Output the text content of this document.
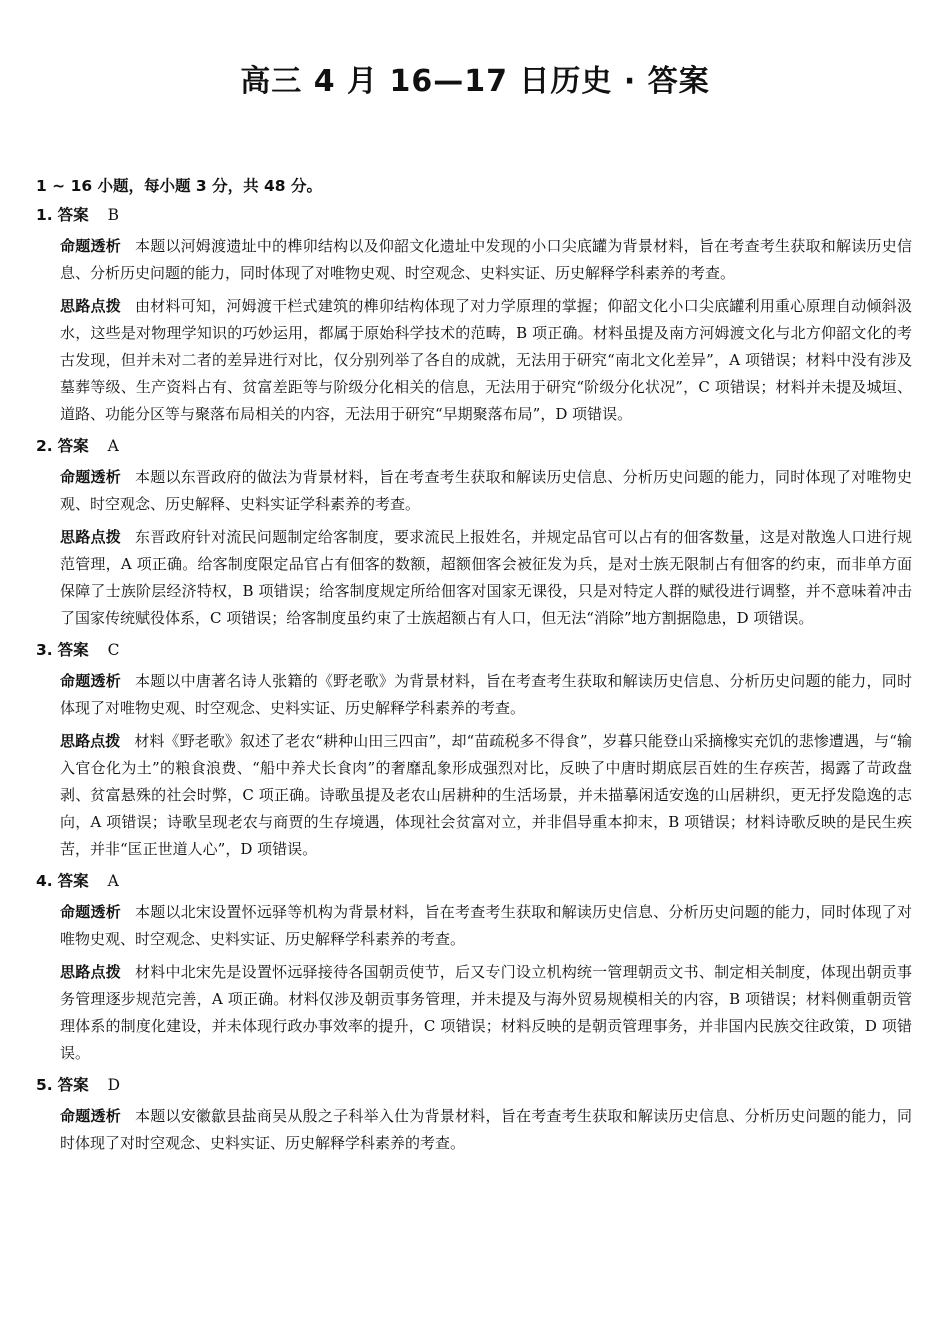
高三 4 月 16—17 日历史 · 答案
1 ~ 16 小题，每小题 3 分，共 48 分。
1. 答案 B
命题透析 本题以河姆渡遗址中的榫卯结构以及仰韶文化遗址中发现的小口尖底罐为背景材料，旨在考查考生获取和解读历史信息、分析历史问题的能力，同时体现了对唯物史观、时空观念、史料实证、历史解释学科素养的考查。
思路点拨 由材料可知，河姆渡干栏式建筑的榫卯结构体现了对力学原理的掌握；仰韶文化小口尖底罐利用重心原理自动倾斜汲水，这些是对物理学知识的巧妙运用，都属于原始科学技术的范畴，B 项正确。材料虽提及南方河姆渡文化与北方仰韶文化的考古发现，但并未对二者的差异进行对比，仅分别列举了各自的成就，无法用于研究“南北文化差异”，A 项错误；材料中没有涉及墓葬等级、生产资料占有、贫富差距等与阶级分化相关的信息，无法用于研究“阶级分化状况”，C 项错误；材料并未提及城垣、道路、功能分区等与聚落布局相关的内容，无法用于研究“早期聚落布局”，D 项错误。
2. 答案 A
命题透析 本题以东晋政府的做法为背景材料，旨在考查考生获取和解读历史信息、分析历史问题的能力，同时体现了对唯物史观、时空观念、历史解释、史料实证学科素养的考查。
思路点拨 东晋政府针对流民问题制定给客制度，要求流民上报姓名，并规定品官可以占有的佃客数量，这是对散逸人口进行规范管理，A 项正确。给客制度限定品官占有佃客的数额，超额佃客会被征发为兵，是对士族无限制占有佃客的约束，而非单方面保障了士族阶层经济特权，B 项错误；给客制度规定所给佃客对国家无课役，只是对特定人群的赋役进行调整，并不意味着冲击了国家传统赋役体系，C 项错误；给客制度虽约束了士族超额占有人口，但无法“消除”地方割据隐患，D 项错误。
3. 答案 C
命题透析 本题以中唐著名诗人张籍的《野老歌》为背景材料，旨在考查考生获取和解读历史信息、分析历史问题的能力，同时体现了对唯物史观、时空观念、史料实证、历史解释学科素养的考查。
思路点拨 材料《野老歌》叙述了老农“耕种山田三四亩”，却“苗疏税多不得食”，岁暮只能登山采摘橡实充饥的悲惨遭遇，与“输入官仓化为土”的粮食浪费、“船中养犬长食肉”的奢靡乱象形成强烈对比，反映了中唐时期底层百姓的生存疾苦，揭露了苛政盘剥、贫富悬殊的社会时弊，C 项正确。诗歌虽提及老农山居耕种的生活场景，并未描摹闲适安逸的山居耕织，更无抒发隐逸的志向，A 项错误；诗歌呈现老农与商贾的生存境遇，体现社会贫富对立，并非倡导重本抑末，B 项错误；材料诗歌反映的是民生疾苦，并非“匡正世道人心”，D 项错误。
4. 答案 A
命题透析 本题以北宋设置怀远驿等机构为背景材料，旨在考查考生获取和解读历史信息、分析历史问题的能力，同时体现了对唯物史观、时空观念、史料实证、历史解释学科素养的考查。
思路点拨 材料中北宋先是设置怀远驿接待各国朝贡使节，后又专门设立机构统一管理朝贡文书、制定相关制度，体现出朝贡事务管理逐步规范完善，A 项正确。材料仅涉及朝贡事务管理，并未提及与海外贸易规模相关的内容，B 项错误；材料侧重朝贡管理体系的制度化建设，并未体现行政办事效率的提升，C 项错误；材料反映的是朝贡管理事务，并非国内民族交往政策，D 项错误。
5. 答案 D
命题透析 本题以安徽歙县盐商吴从殷之子科举入仕为背景材料，旨在考查考生获取和解读历史信息、分析历史问题的能力，同时体现了对时空观念、史料实证、历史解释学科素养的考查。
